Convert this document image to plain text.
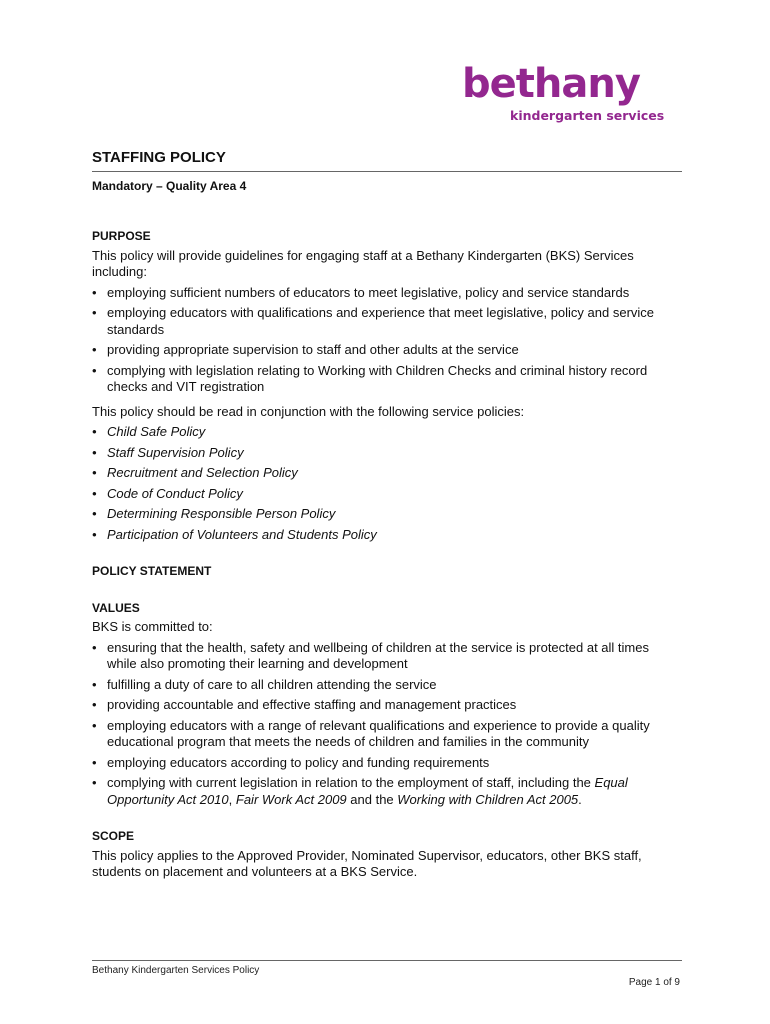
bethany
kindergarten services
STAFFING POLICY
Mandatory – Quality Area 4
PURPOSE

This policy will provide guidelines for engaging staff at a Bethany Kindergarten (BKS) Services including:

• employing sufficient numbers of educators to meet legislative, policy and service standards
• employing educators with qualifications and experience that meet legislative, policy and service standards
• providing appropriate supervision to staff and other adults at the service
• complying with legislation relating to Working with Children Checks and criminal history record checks and VIT registration

This policy should be read in conjunction with the following service policies:

• Child Safe Policy
• Staff Supervision Policy
• Recruitment and Selection Policy
• Code of Conduct Policy
• Determining Responsible Person Policy
• Participation of Volunteers and Students Policy
POLICY STATEMENT
VALUES

BKS is committed to:

• ensuring that the health, safety and wellbeing of children at the service is protected at all times while also promoting their learning and development
• fulfilling a duty of care to all children attending the service
• providing accountable and effective staffing and management practices
• employing educators with a range of relevant qualifications and experience to provide a quality educational program that meets the needs of children and families in the community
• employing educators according to policy and funding requirements
• complying with current legislation in relation to the employment of staff, including the Equal Opportunity Act 2010, Fair Work Act 2009 and the Working with Children Act 2005.
SCOPE

This policy applies to the Approved Provider, Nominated Supervisor, educators, other BKS staff, students on placement and volunteers at a BKS Service.

Bethany Kindergarten Services Policy
Page 1 of 9
